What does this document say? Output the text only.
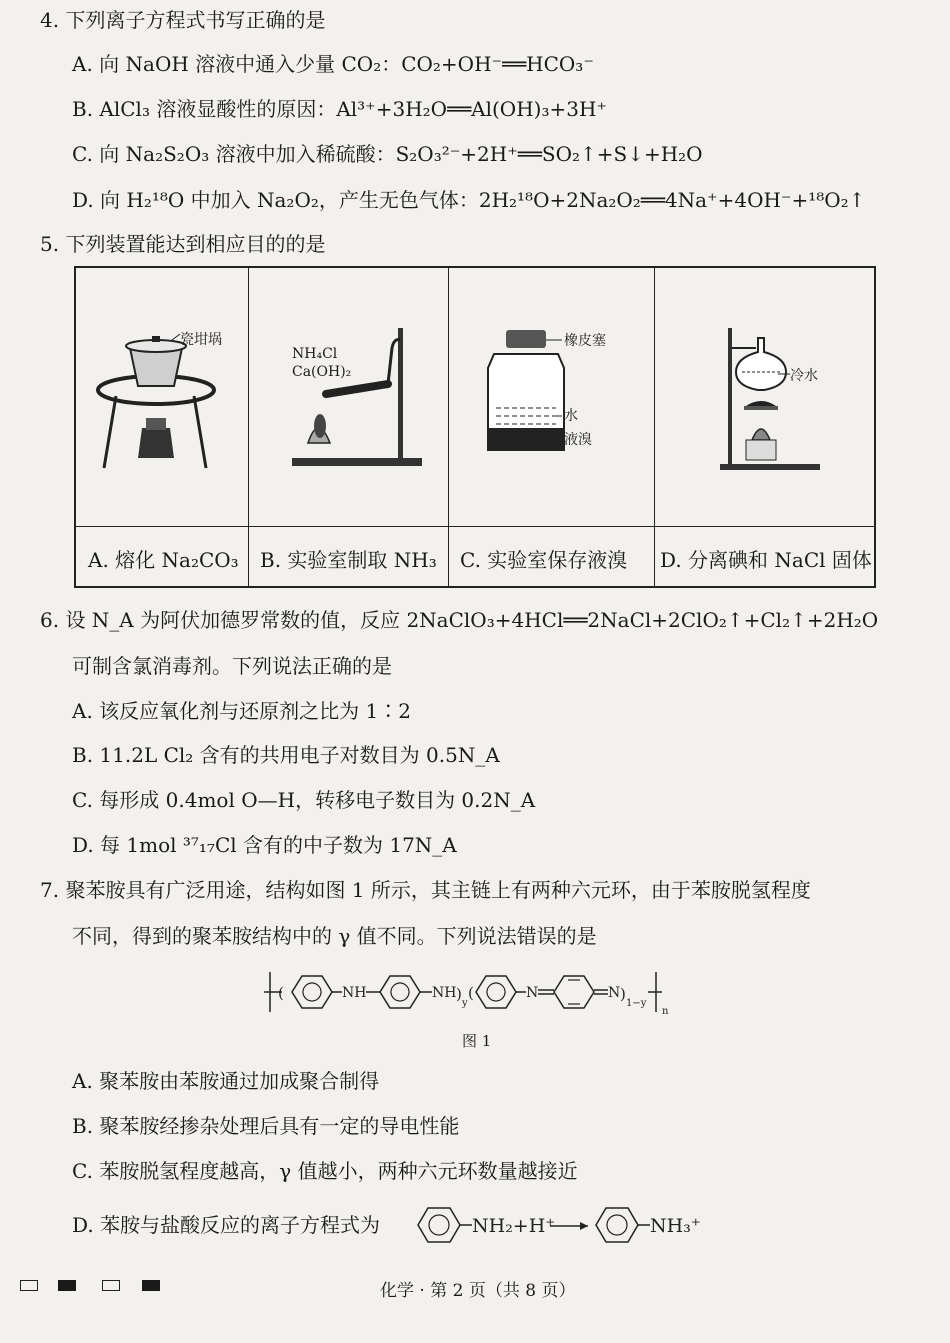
4. 下列离子方程式书写正确的是
A. 向 NaOH 溶液中通入少量 CO₂：CO₂+OH⁻══HCO₃⁻
B. AlCl₃ 溶液显酸性的原因：Al³⁺+3H₂O══Al(OH)₃+3H⁺
C. 向 Na₂S₂O₃ 溶液中加入稀硫酸：S₂O₃²⁻+2H⁺══SO₂↑+S↓+H₂O
D. 向 H₂¹⁸O 中加入 Na₂O₂，产生无色气体：2H₂¹⁸O+2Na₂O₂══4Na⁺+4OH⁻+¹⁸O₂↑
5. 下列装置能达到相应目的的是
瓷坩埚
NH₄Cl
Ca(OH)₂
橡皮塞
水
液溴
冷水
A. 熔化 Na₂CO₃ B. 实验室制取 NH₃ C. 实验室保存液溴 D. 分离碘和 NaCl 固体
6. 设 N_A 为阿伏加德罗常数的值，反应 2NaClO₃+4HCl══2NaCl+2ClO₂↑+Cl₂↑+2H₂O
可制含氯消毒剂。下列说法正确的是
A. 该反应氧化剂与还原剂之比为 1∶2
B. 11.2L Cl₂ 含有的共用电子对数目为 0.5N_A
C. 每形成 0.4mol O—H，转移电子数目为 0.2N_A
D. 每 1mol ³⁷₁₇Cl 含有的中子数为 17N_A
7. 聚苯胺具有广泛用途，结构如图 1 所示，其主链上有两种六元环，由于苯胺脱氢程度
不同，得到的聚苯胺结构中的 γ 值不同。下列说法错误的是
(	NH	NH )
y
(	N	N )
1−y
n
图 1
A. 聚苯胺由苯胺通过加成聚合制得
B. 聚苯胺经掺杂处理后具有一定的导电性能
C. 苯胺脱氢程度越高，γ 值越小，两种六元环数量越接近
D. 苯胺与盐酸反应的离子方程式为	NH₂+H⁺	NH₃⁺
化学 · 第 2 页（共 8 页）
